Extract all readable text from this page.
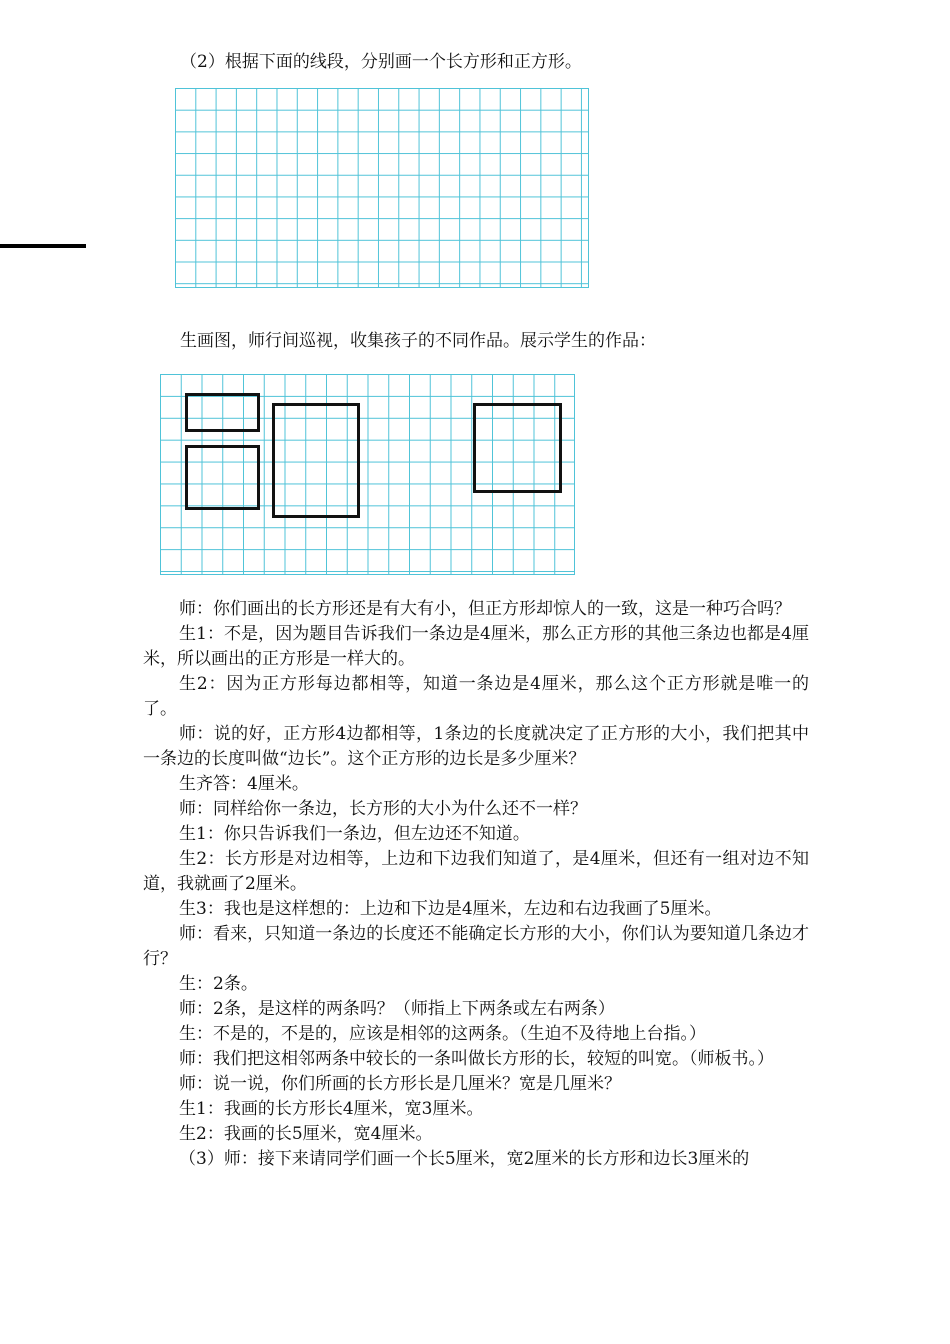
（2）根据下面的线段，分别画一个长方形和正方形。
生画图，师行间巡视，收集孩子的不同作品。展示学生的作品：

师：你们画出的长方形还是有大有小，但正方形却惊人的一致，这是一种巧合吗？

生1：不是，因为题目告诉我们一条边是4厘米，那么正方形的其他三条边也都是4厘米，所以画出的正方形是一样大的。

生2：因为正方形每边都相等，知道一条边是4厘米，那么这个正方形就是唯一的了。

师：说的好，正方形4边都相等，1条边的长度就决定了正方形的大小，我们把其中一条边的长度叫做“边长”。这个正方形的边长是多少厘米？

生齐答：4厘米。

师：同样给你一条边，长方形的大小为什么还不一样？

生1：你只告诉我们一条边，但左边还不知道。

生2：长方形是对边相等，上边和下边我们知道了，是4厘米，但还有一组对边不知道，我就画了2厘米。

生3：我也是这样想的：上边和下边是4厘米，左边和右边我画了5厘米。

师：看来，只知道一条边的长度还不能确定长方形的大小，你们认为要知道几条边才行？

生：2条。

师：2条，是这样的两条吗？（师指上下两条或左右两条）

生：不是的，不是的，应该是相邻的这两条。（生迫不及待地上台指。）

师：我们把这相邻两条中较长的一条叫做长方形的长，较短的叫宽。（师板书。）

师：说一说，你们所画的长方形长是几厘米？宽是几厘米？

生1：我画的长方形长4厘米，宽3厘米。

生2：我画的长5厘米，宽4厘米。

（3）师：接下来请同学们画一个长5厘米，宽2厘米的长方形和边长3厘米的
